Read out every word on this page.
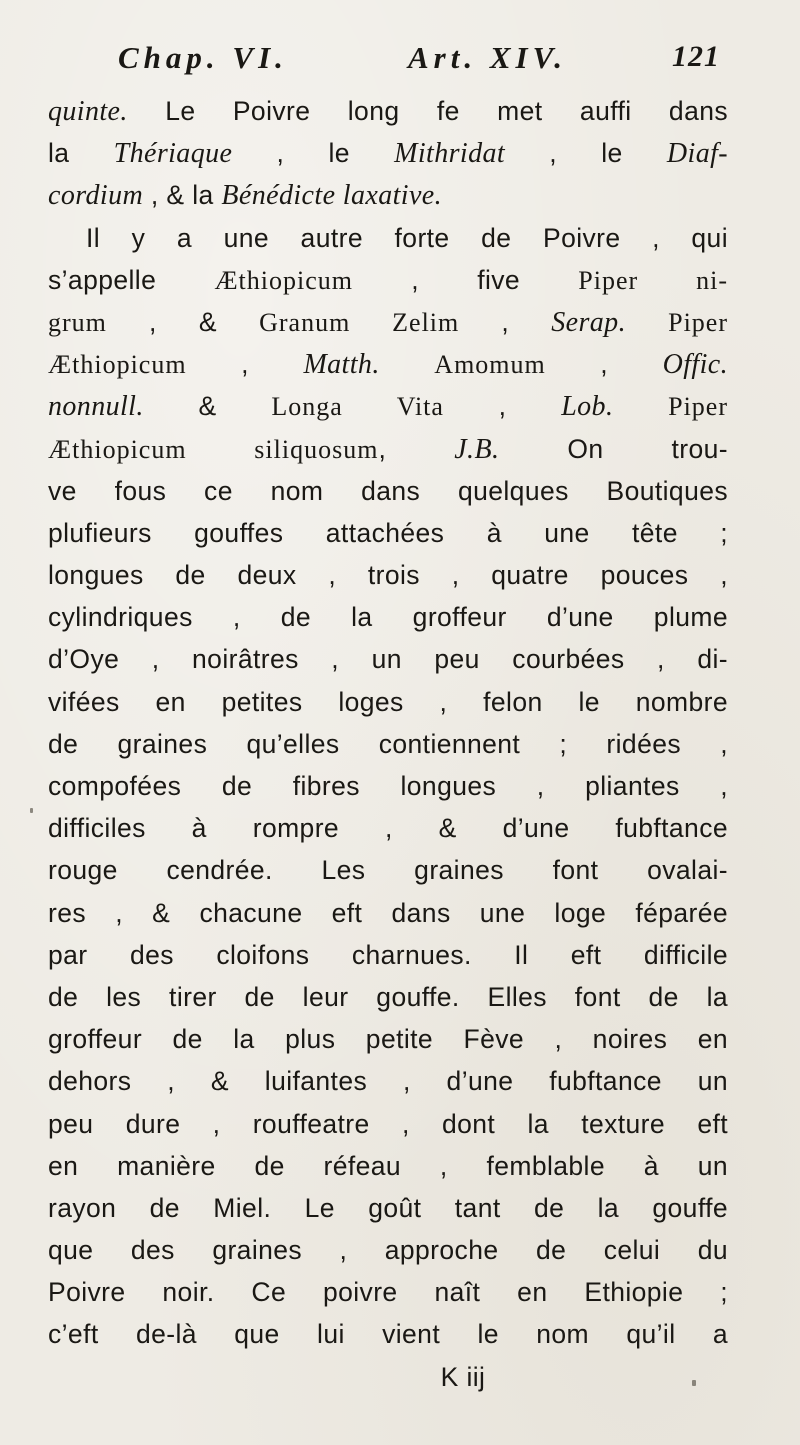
Chap. VI.	Art. XIV.	121
quinte. Le Poivre long fe met auffi dans
la Thériaque , le Mithridat , le Diaf-
cordium , & la Bénédicte laxative.
Il y a une autre forte de Poivre , qui
s’appelle Æthiopicum , five Piper ni-
grum , & Granum Zelim , Serap. Piper
Æthiopicum , Matth. Amomum , Offic.
nonnull. & Longa Vita , Lob. Piper
Æthiopicum siliquosum, J.B. On trou-
ve fous ce nom dans quelques Boutiques
plufieurs gouffes attachées à une tête ;
longues de deux , trois , quatre pouces ,
cylindriques , de la groffeur d’une plume
d’Oye , noirâtres , un peu courbées , di-
vifées en petites loges , felon le nombre
de graines qu’elles contiennent ; ridées ,
compofées de fibres longues , pliantes ,
difficiles à rompre , & d’une fubftance
rouge cendrée. Les graines font ovalai-
res , & chacune eft dans une loge féparée
par des cloifons charnues. Il eft difficile
de les tirer de leur gouffe. Elles font de la
groffeur de la plus petite Fève , noires en
dehors , & luifantes , d’une fubftance un
peu dure , rouffeatre , dont la texture eft
en manière de réfeau , femblable à un
rayon de Miel. Le goût tant de la gouffe
que des graines , approche de celui du
Poivre noir. Ce poivre naît en Ethiopie ;
c’eft de-là que lui vient le nom qu’il a
K iij
